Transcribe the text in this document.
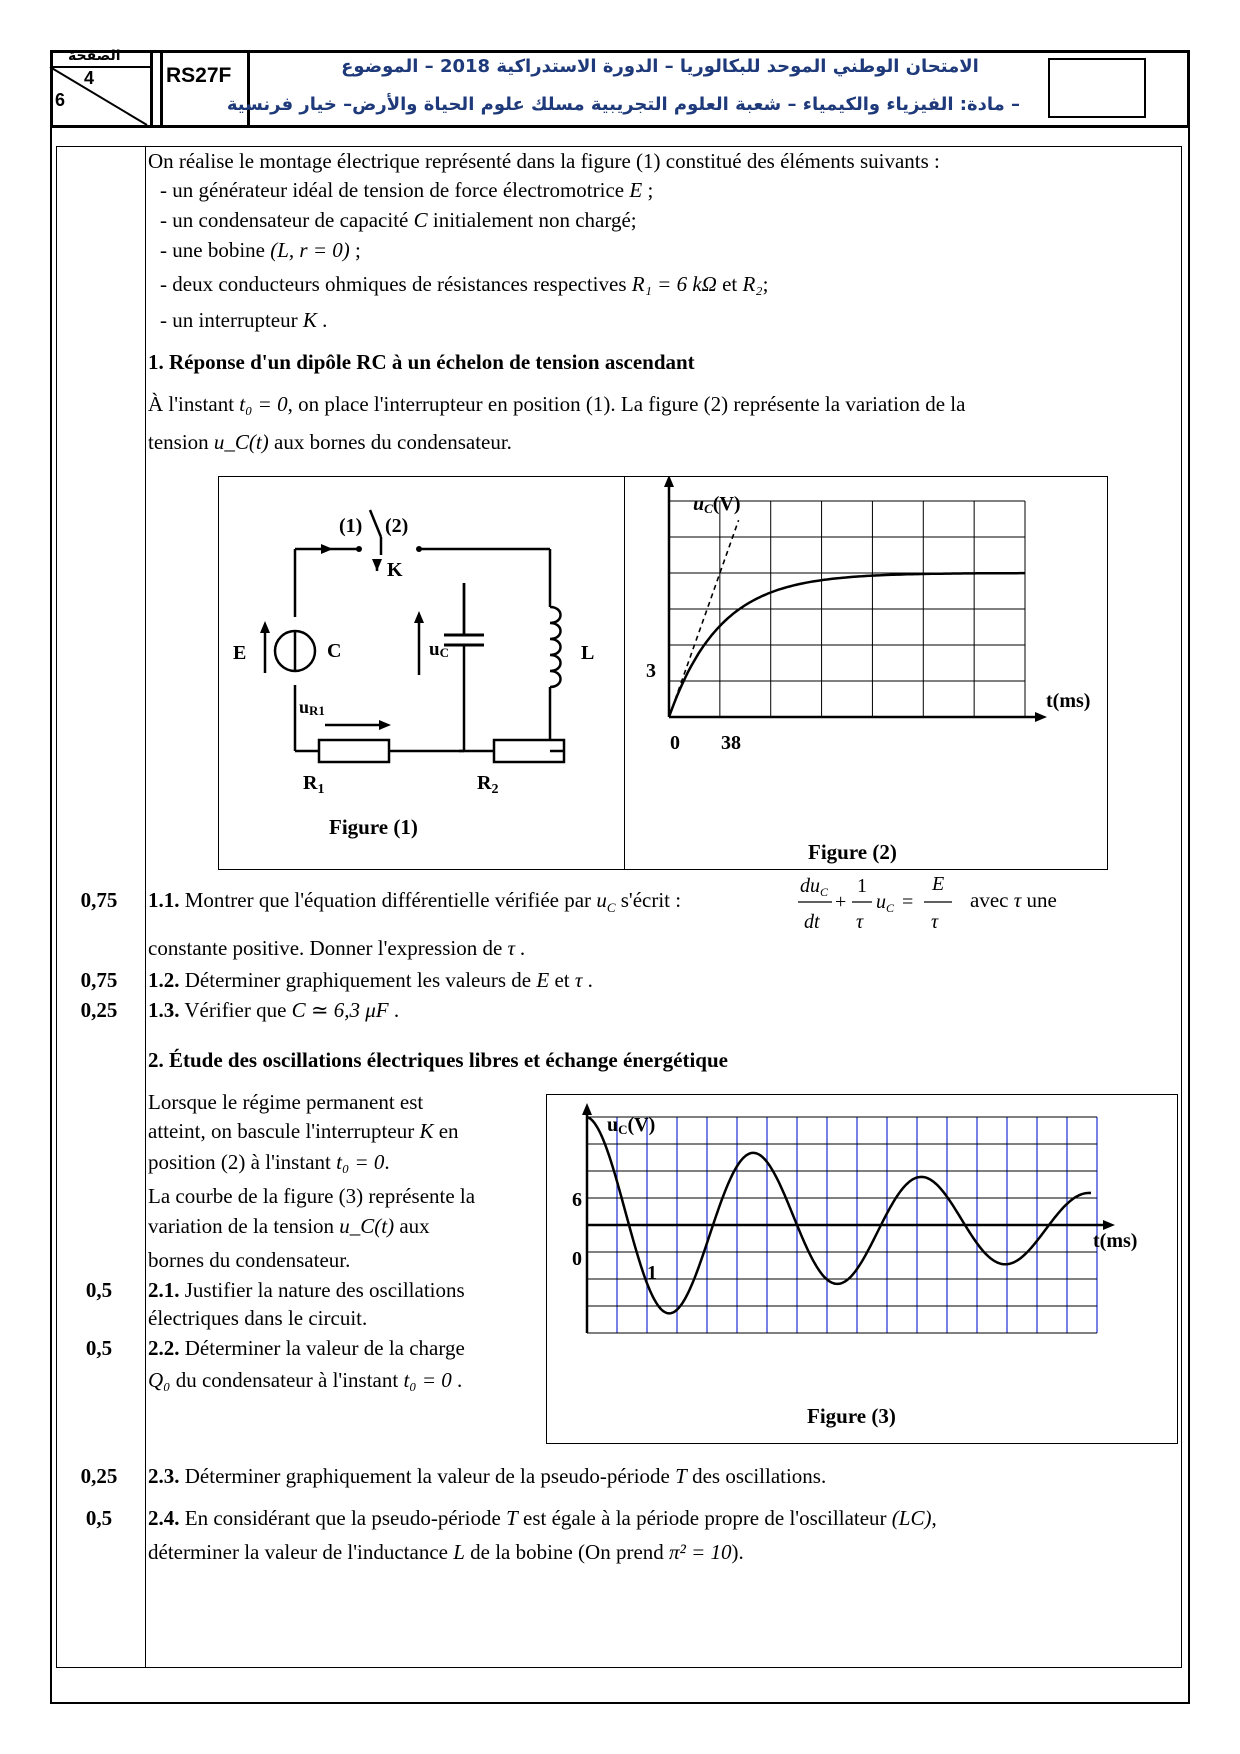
الصفحة
4
6
RS27F	الامتحان الوطني الموحد للبكالوريا – الدورة الاستدراكية 2018 – الموضوع
– مادة: الفيزياء والكيمياء – شعبة العلوم التجريبية مسلك علوم الحياة والأرض– خيار فرنسية
On réalise le montage électrique représenté dans la figure (1) constitué des éléments suivants :
- un générateur idéal de tension de force électromotrice E ;
- un condensateur de capacité C initialement non chargé;
- une bobine (L, r = 0) ;
- deux conducteurs ohmiques de résistances respectives R₁ = 6 kΩ et R₂;
- un interrupteur K .
1. Réponse d'un dipôle RC à un échelon de tension ascendant
À l'instant t₀ = 0, on place l'interrupteur en position (1). La figure (2) représente la variation de la
tension u_C(t) aux bornes du condensateur.
(1) (2)
K
E	C	uC	L
uR1
$R_1$	$R_2$
Figure (1)
uC(V)
t(ms)
0 38
3
Figure (2)
0,75	1.1. Montrer que l'équation différentielle vérifiée par $u_C$ s'écrit :
$du_C$
dt
+
1
τ
$u_C$ =
E
τ
avec τ une
constante positive. Donner l'expression de τ .
0,75	1.2. Déterminer graphiquement les valeurs de E et τ .
0,25	1.3. Vérifier que C ≃ 6,3 μF .
2. Étude des oscillations électriques libres et échange énergétique
Lorsque le régime permanent est
atteint, on bascule l'interrupteur K en
position (2) à l'instant t₀ = 0.
La courbe de la figure (3) représente la
variation de la tension u_C(t) aux
bornes du condensateur.
0,5	2.1. Justifier la nature des oscillations
électriques dans le circuit.
0,5	2.2. Déterminer la valeur de la charge
Q₀ du condensateur à l'instant t₀ = 0 .
uC(V)
t(ms)
6
0
1
Figure (3)
0,25	2.3. Déterminer graphiquement la valeur de la pseudo-période T des oscillations.
0,5	2.4. En considérant que la pseudo-période T est égale à la période propre de l'oscillateur (LC),
déterminer la valeur de l'inductance L de la bobine (On prend π² = 10).
